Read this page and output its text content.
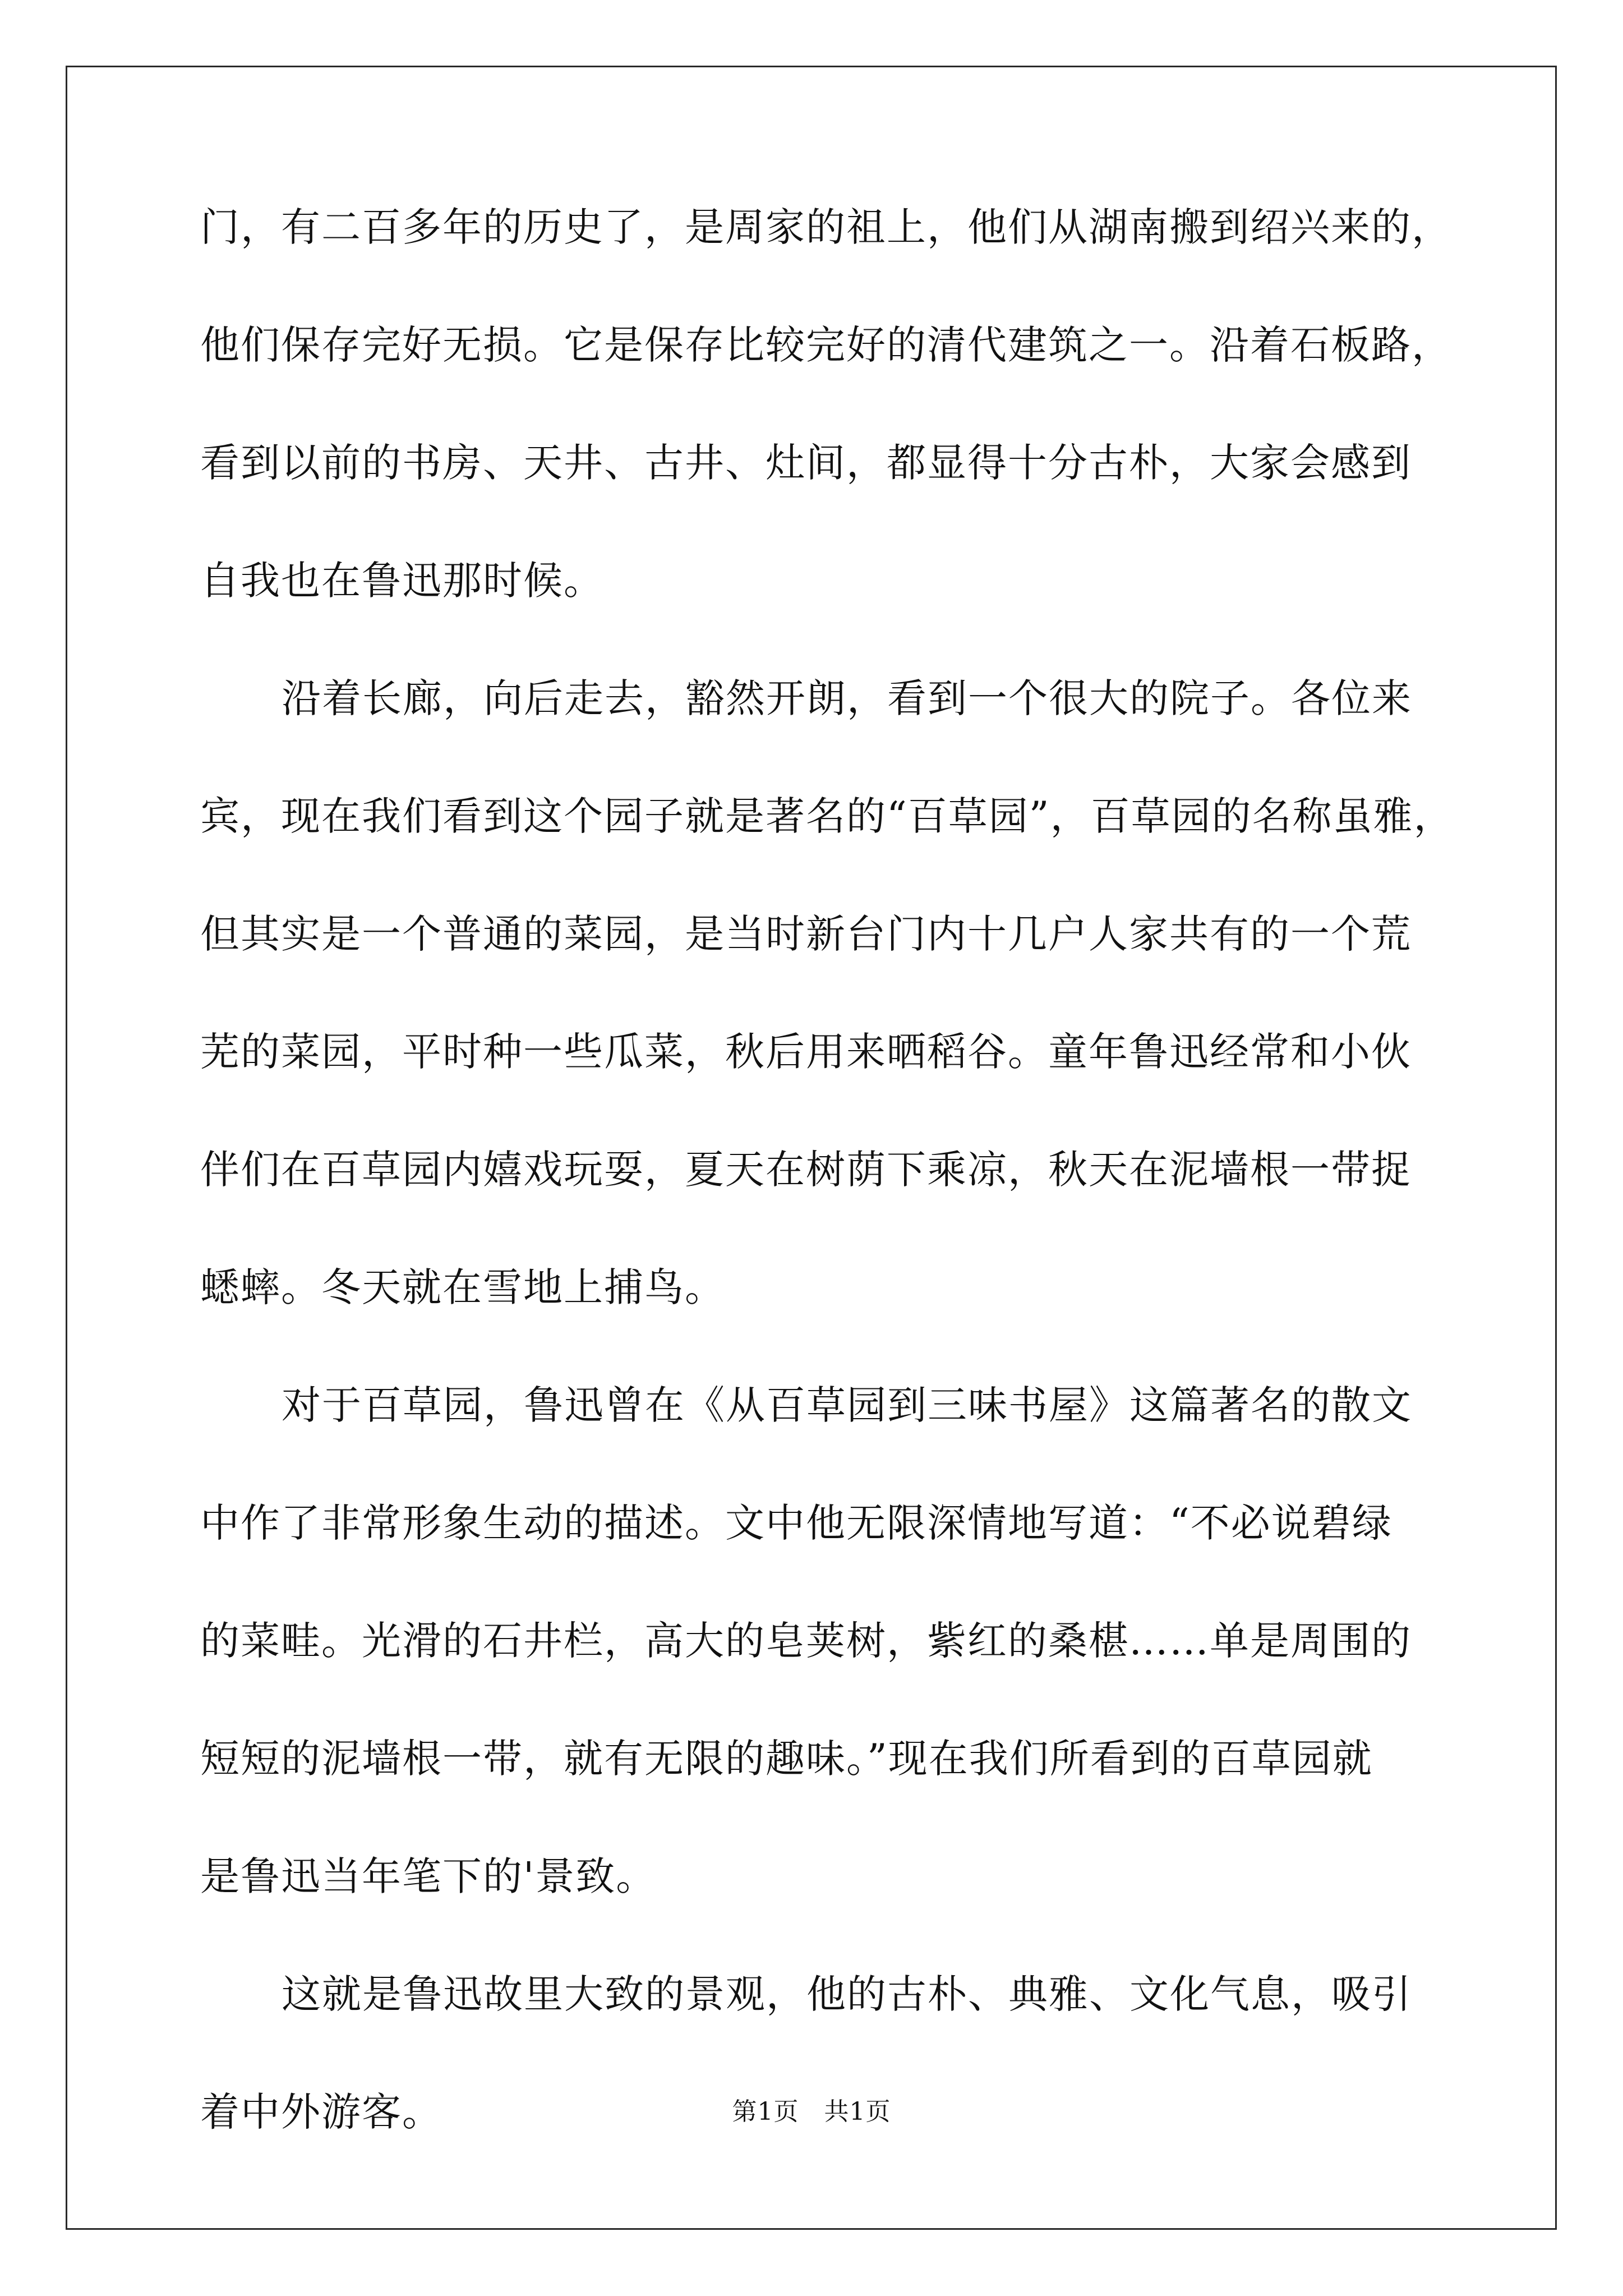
门，有二百多年的历史了，是周家的祖上，他们从湖南搬到绍兴来的，
他们保存完好无损。它是保存比较完好的清代建筑之一。沿着石板路，
看到以前的书房、天井、古井、灶间，都显得十分古朴，大家会感到
自我也在鲁迅那时候。
沿着长廊，向后走去，豁然开朗，看到一个很大的院子。各位来
宾，现在我们看到这个园子就是著名的“百草园”，百草园的名称虽雅，
但其实是一个普通的菜园，是当时新台门内十几户人家共有的一个荒
芜的菜园，平时种一些瓜菜，秋后用来晒稻谷。童年鲁迅经常和小伙
伴们在百草园内嬉戏玩耍，夏天在树荫下乘凉，秋天在泥墙根一带捉
蟋蟀。冬天就在雪地上捕鸟。
对于百草园，鲁迅曾在《从百草园到三味书屋》这篇著名的散文
中作了非常形象生动的描述。文中他无限深情地写道：“不必说碧绿
的菜畦。光滑的石井栏，高大的皂荚树，紫红的桑椹……单是周围的
短短的泥墙根一带，就有无限的趣味。”现在我们所看到的百草园就
是鲁迅当年笔下的'景致。
这就是鲁迅故里大致的景观，他的古朴、典雅、文化气息，吸引
着中外游客。	第1页　共1页
